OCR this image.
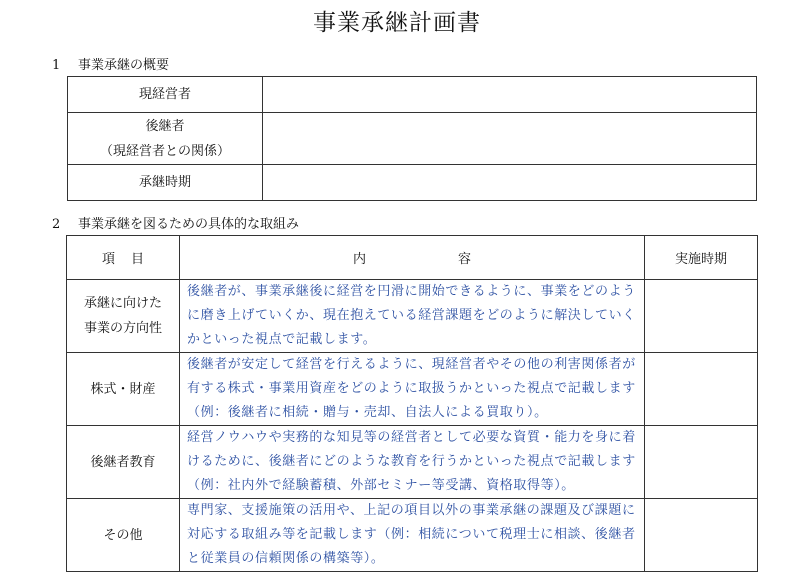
事業承継計画書
1 事業承継の概要
現経営者	

後継者
（現経営者との関係）	

承継時期	
2 事業承継を図るための具体的な取組み
項目	内 容	実施時期

承継に向けた
事業の方向性	後継者が、事業承継後に経営を円滑に開始できるように、事業をどのように磨き上げていくか、現在抱えている経営課題をどのように解決していくかといった視点で記載します。	
株式・財産	後継者が安定して経営を行えるように、現経営者やその他の利害関係者が有する株式・事業用資産をどのように取扱うかといった視点で記載します（例：後継者に相続・贈与・売却、自法人による買取り）。	
後継者教育	経営ノウハウや実務的な知見等の経営者として必要な資質・能力を身に着けるために、後継者にどのような教育を行うかといった視点で記載します（例：社内外で経験蓄積、外部セミナー等受講、資格取得等）。	
その他	専門家、支援施策の活用や、上記の項目以外の事業承継の課題及び課題に対応する取組み等を記載します（例：相続について税理士に相談、後継者と従業員の信頼関係の構築等）。	
